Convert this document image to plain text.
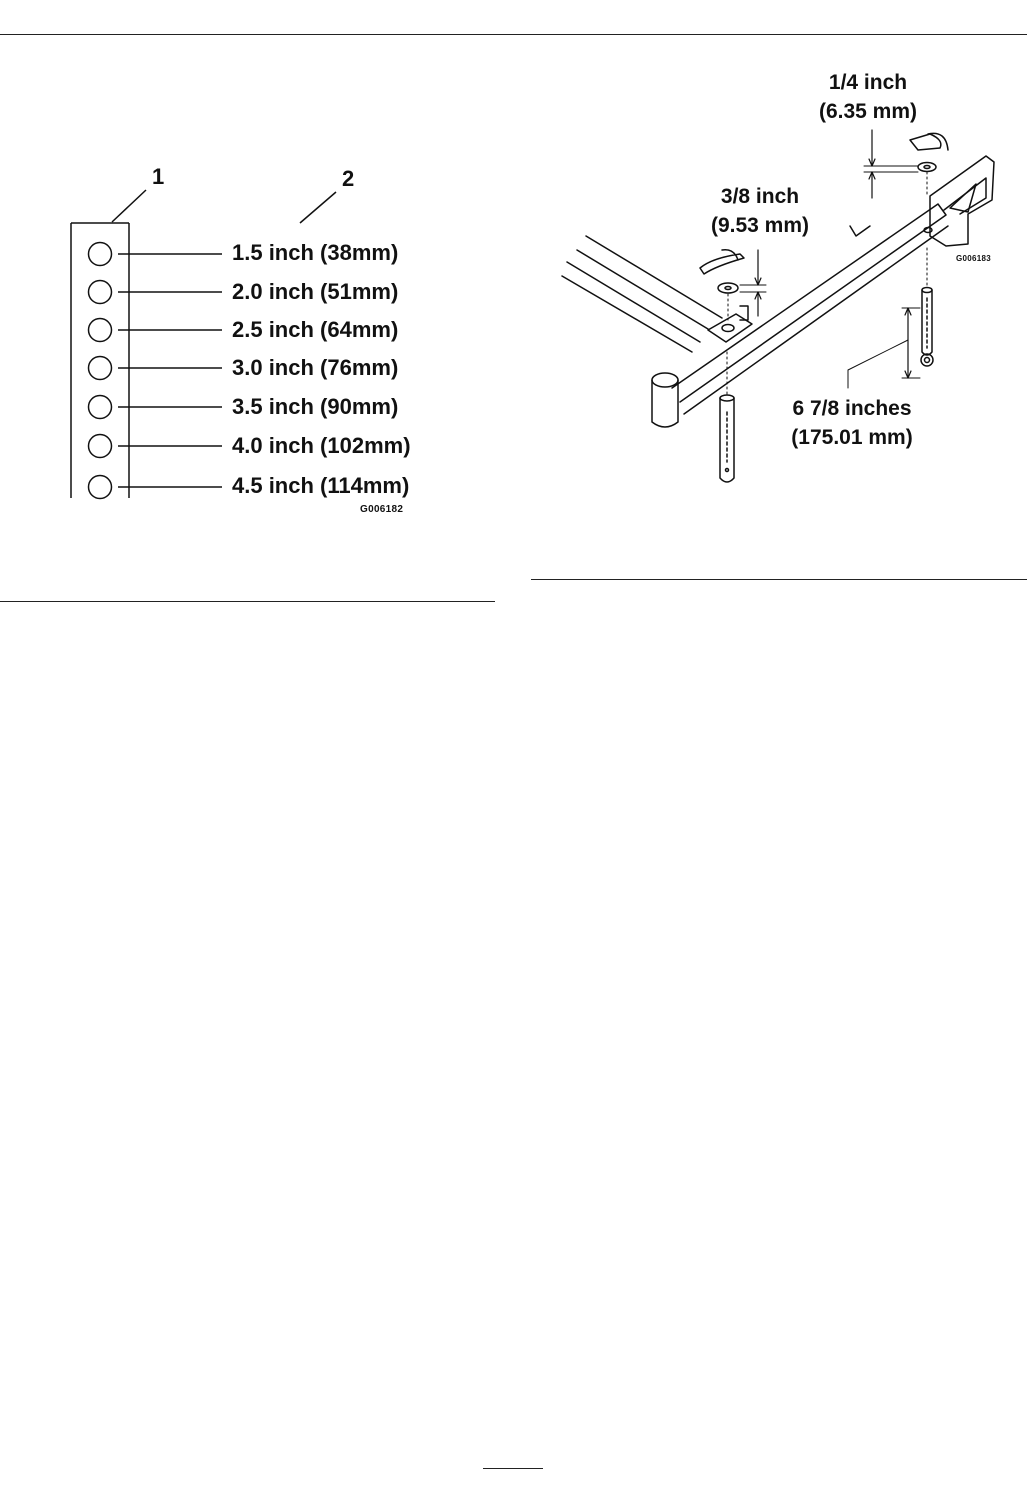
1	2
1.5 inch (38mm)
2.0 inch (51mm)
2.5 inch (64mm)
3.0 inch (76mm)
3.5 inch (90mm)
4.0 inch (102mm)
4.5 inch (114mm)
G006182
1/4 inch
(6.35 mm)
3/8 inch
(9.53 mm)
6 7/8 inches
(175.01 mm)
G006183
